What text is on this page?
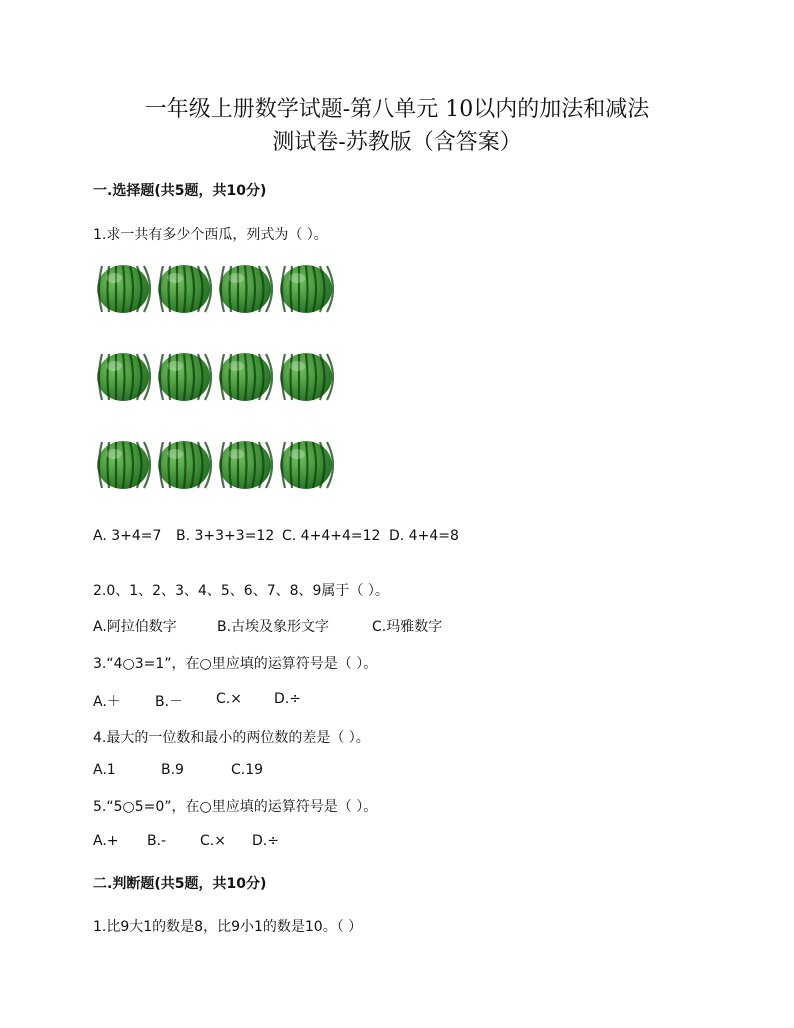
一年级上册数学试题-第八单元 10以内的加法和减法
测试卷-苏教版（含答案）
一.选择题(共5题，共10分)
1.求一共有多少个西瓜，列式为（ ）。
A. 3+4=7 B. 3+3+3=12 C. 4+4+4=12 D. 4+4=8
2.0、1、2、3、4、5、6、7、8、9属于（ ）。
A.阿拉伯数字	B.古埃及象形文字	C.玛雅数字
3.“4○3=1”，在○里应填的运算符号是（ ）。
A.＋ B.－ C.× D.÷
4.最大的一位数和最小的两位数的差是（ ）。
A.1	B.9	C.19
5.“5○5=0”，在○里应填的运算符号是（ ）。
A.+ B.- C.× D.÷
二.判断题(共5题，共10分)
1.比9大1的数是8，比9小1的数是10。（ ）
